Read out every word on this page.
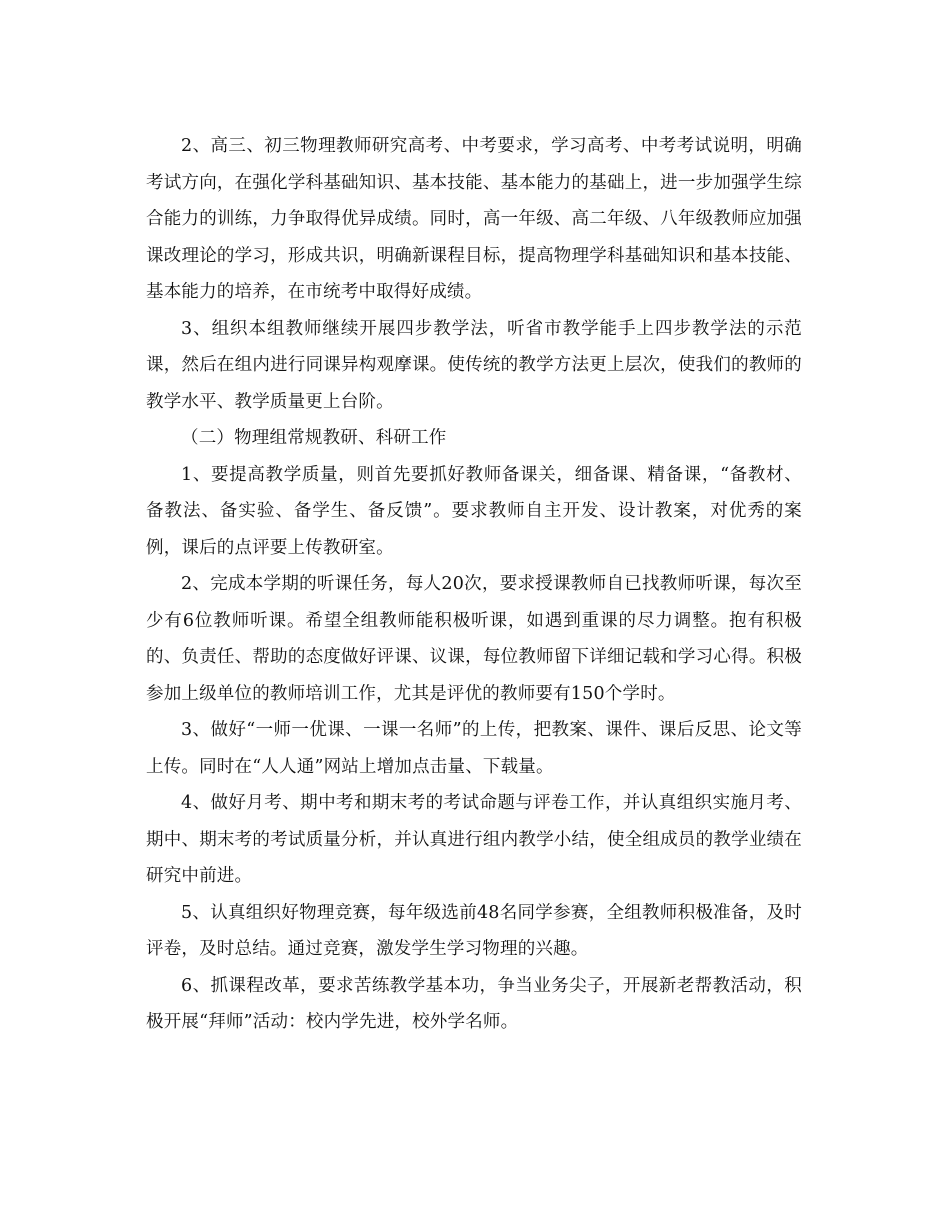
2、高三、初三物理教师研究高考、中考要求，学习高考、中考考试说明，明确考试方向，在强化学科基础知识、基本技能、基本能力的基础上，进一步加强学生综合能力的训练，力争取得优异成绩。同时，高一年级、高二年级、八年级教师应加强课改理论的学习，形成共识，明确新课程目标，提高物理学科基础知识和基本技能、基本能力的培养，在市统考中取得好成绩。

3、组织本组教师继续开展四步教学法，听省市教学能手上四步教学法的示范课，然后在组内进行同课异构观摩课。使传统的教学方法更上层次，使我们的教师的教学水平、教学质量更上台阶。

（二）物理组常规教研、科研工作

1、要提高教学质量，则首先要抓好教师备课关，细备课、精备课，“备教材、备教法、备实验、备学生、备反馈”。要求教师自主开发、设计教案，对优秀的案例，课后的点评要上传教研室。

2、完成本学期的听课任务，每人20次，要求授课教师自已找教师听课，每次至少有6位教师听课。希望全组教师能积极听课，如遇到重课的尽力调整。抱有积极的、负责任、帮助的态度做好评课、议课，每位教师留下详细记载和学习心得。积极参加上级单位的教师培训工作，尤其是评优的教师要有150个学时。

3、做好“一师一优课、一课一名师”的上传，把教案、课件、课后反思、论文等上传。同时在“人人通”网站上增加点击量、下载量。

4、做好月考、期中考和期末考的考试命题与评卷工作，并认真组织实施月考、期中、期末考的考试质量分析，并认真进行组内教学小结，使全组成员的教学业绩在研究中前进。

5、认真组织好物理竞赛，每年级选前48名同学参赛，全组教师积极准备，及时评卷，及时总结。通过竞赛，激发学生学习物理的兴趣。

6、抓课程改革，要求苦练教学基本功，争当业务尖子，开展新老帮教活动，积极开展“拜师”活动：校内学先进，校外学名师。
